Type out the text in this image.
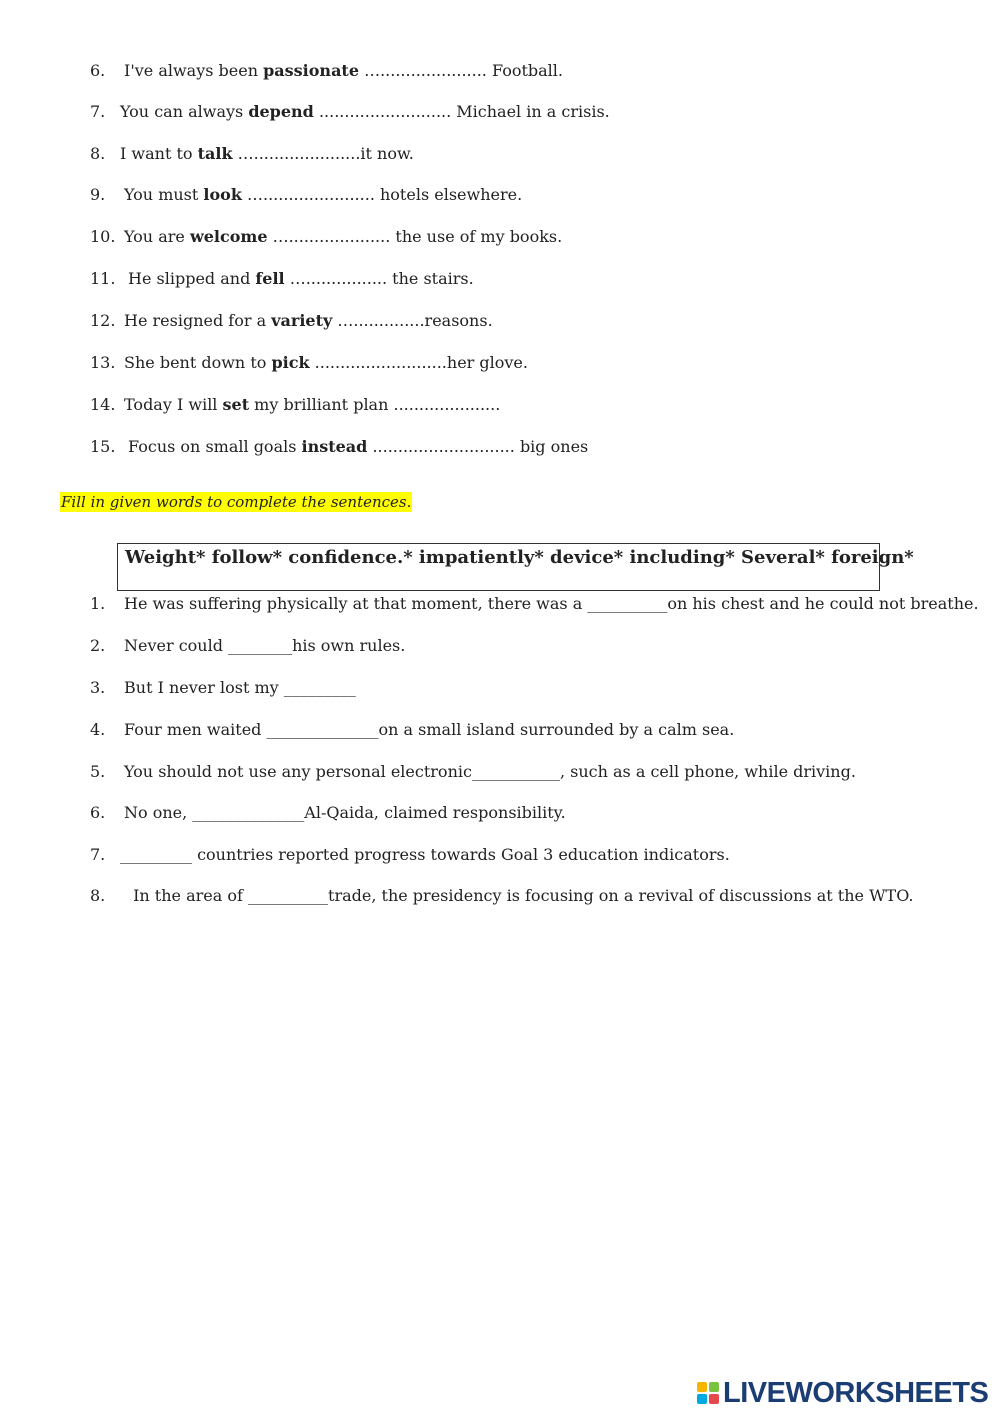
6. I've always been passionate …..................... Football.
7. You can always depend .......................... Michael in a crisis.
8. I want to talk ….....................it now.
9. You must look …...................... hotels elsewhere.
10. You are welcome ….................... the use of my books.
11. He slipped and fell …................ the stairs.
12. He resigned for a variety …..............reasons.
13. She bent down to pick ..........................her glove.
14. Today I will set my brilliant plan .....................
15. Focus on small goals instead ............................ big ones
Fill in given words to complete the sentences.
Weight* follow* confidence.* impatiently* device* including* Several* foreign*
1. He was suffering physically at that moment, there was a __________on his chest and he could not breathe.
2. Never could ________his own rules.
3. But I never lost my _________
4. Four men waited ______________on a small island surrounded by a calm sea.
5. You should not use any personal electronic___________, such as a cell phone, while driving.
6. No one, ______________Al-Qaida, claimed responsibility.
7. _________ countries reported progress towards Goal 3 education indicators.
8. In the area of __________trade, the presidency is focusing on a revival of discussions at the WTO.
LIVEWORKSHEETS
